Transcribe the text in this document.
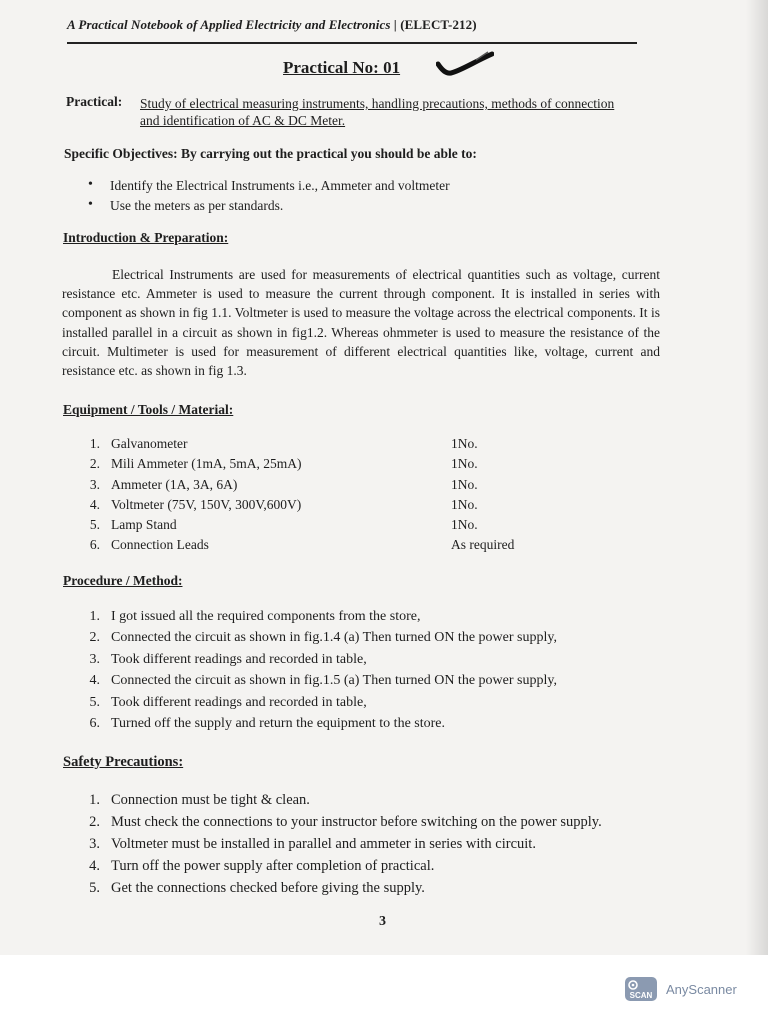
A Practical Notebook of Applied Electricity and Electronics | (ELECT-212)
Practical No: 01
Practical: Study of electrical measuring instruments, handling precautions, methods of connection and identification of AC & DC Meter.
Specific Objectives: By carrying out the practical you should be able to:
• Identify the Electrical Instruments i.e., Ammeter and voltmeter
• Use the meters as per standards.
Introduction & Preparation:

Electrical Instruments are used for measurements of electrical quantities such as voltage, current resistance etc. Ammeter is used to measure the current through component. It is installed in series with component as shown in fig 1.1. Voltmeter is used to measure the voltage across the electrical components. It is installed parallel in a circuit as shown in fig1.2. Whereas ohmmeter is used to measure the resistance of the circuit. Multimeter is used for measurement of different electrical quantities like, voltage, current and resistance etc. as shown in fig 1.3.

Equipment / Tools / Material:
1. Galvanometer	1No.
2. Mili Ammeter (1mA, 5mA, 25mA)	1No.
3. Ammeter (1A, 3A, 6A)	1No.
4. Voltmeter (75V, 150V, 300V,600V)	1No.
5. Lamp Stand	1No.
6. Connection Leads	As required
Procedure / Method:
1. I got issued all the required components from the store,
2. Connected the circuit as shown in fig.1.4 (a) Then turned ON the power supply,
3. Took different readings and recorded in table,
4. Connected the circuit as shown in fig.1.5 (a) Then turned ON the power supply,
5. Took different readings and recorded in table,
6. Turned off the supply and return the equipment to the store.
Safety Precautions:
1. Connection must be tight & clean.
2. Must check the connections to your instructor before switching on the power supply.
3. Voltmeter must be installed in parallel and ammeter in series with circuit.
4. Turn off the power supply after completion of practical.
5. Get the connections checked before giving the supply.
3
SCAN AnyScanner
